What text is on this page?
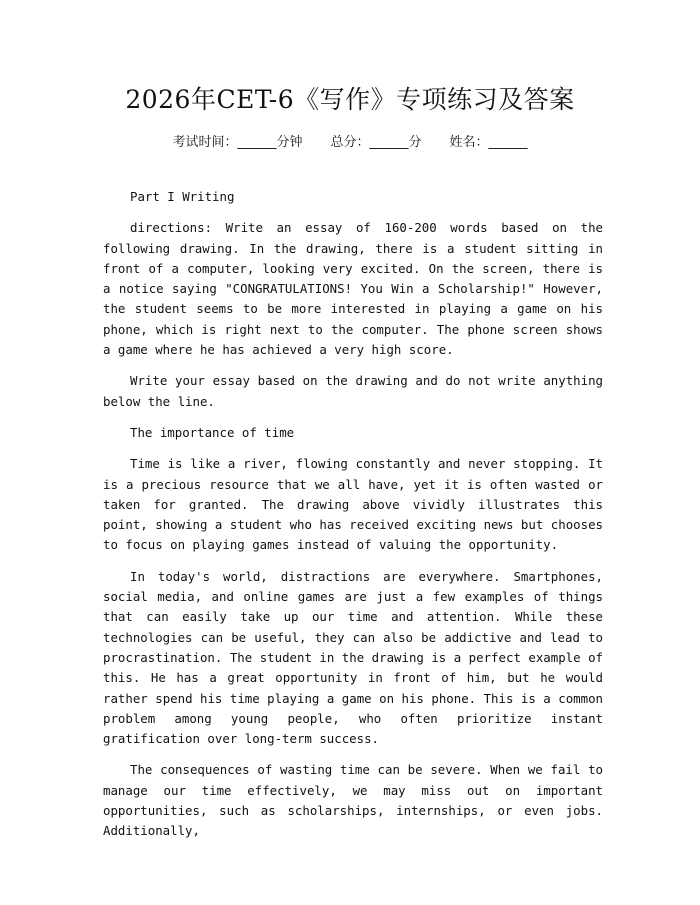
2026年CET-6《写作》专项练习及答案
考试时间：______分钟 总分：______分 姓名：______

Part I Writing

directions: Write an essay of 160-200 words based on the following drawing. In the drawing, there is a student sitting in front of a computer, looking very excited. On the screen, there is a notice saying "CONGRATULATIONS! You Win a Scholarship!" However, the student seems to be more interested in playing a game on his phone, which is right next to the computer. The phone screen shows a game where he has achieved a very high score.

Write your essay based on the drawing and do not write anything below the line.

The importance of time

Time is like a river, flowing constantly and never stopping. It is a precious resource that we all have, yet it is often wasted or taken for granted. The drawing above vividly illustrates this point, showing a student who has received exciting news but chooses to focus on playing games instead of valuing the opportunity.

In today's world, distractions are everywhere. Smartphones, social media, and online games are just a few examples of things that can easily take up our time and attention. While these technologies can be useful, they can also be addictive and lead to procrastination. The student in the drawing is a perfect example of this. He has a great opportunity in front of him, but he would rather spend his time playing a game on his phone. This is a common problem among young people, who often prioritize instant gratification over long-term success.

The consequences of wasting time can be severe. When we fail to manage our time effectively, we may miss out on important opportunities, such as scholarships, internships, or even jobs. Additionally,
